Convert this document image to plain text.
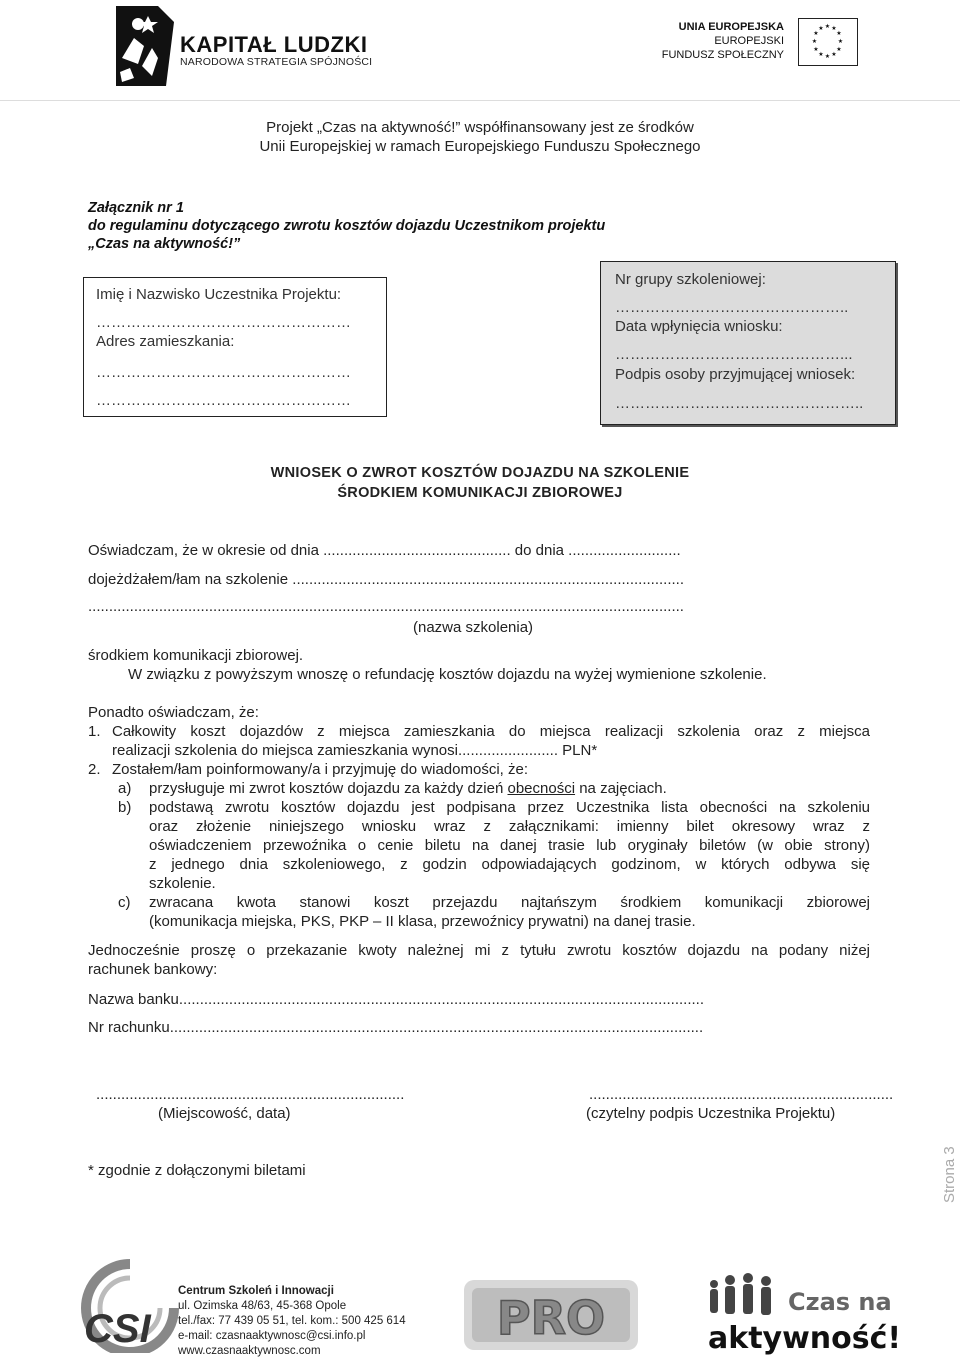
KAPITAŁ LUDZKI
NARODOWA STRATEGIA SPÓJNOŚCI
UNIA EUROPEJSKA
EUROPEJSKI
FUNDUSZ SPOŁECZNY
★ ★
★
★
★
★
★
★
★
★
★
★
Projekt „Czas na aktywność!” współfinansowany jest ze środków
Unii Europejskiej w ramach Europejskiego Funduszu Społecznego
Załącznik nr 1
do regulaminu dotyczącego zwrotu kosztów dojazdu Uczestnikom projektu
„Czas na aktywność!”
Imię i Nazwisko Uczestnika Projektu:
……………………………………………
Adres zamieszkania:
……………………………………………
……………………………………………
Nr grupy szkoleniowej:
………………………………………..
Data wpłynięcia wniosku:
………………………………………...
Podpis osoby przyjmującej wniosek:
…………………………………………..
WNIOSEK O ZWROT KOSZTÓW DOJAZDU NA SZKOLENIE
ŚRODKIEM KOMUNIKACJI ZBIOROWEJ
Oświadczam, że w okresie od dnia ............................................. do dnia ...........................
dojeżdżałem/łam na szkolenie ..............................................................................................
...............................................................................................................................................
(nazwa szkolenia)
środkiem komunikacji zbiorowej.
W związku z powyższym wnoszę o refundację kosztów dojazdu na wyżej wymienione szkolenie.
Ponadto oświadczam, że:
1. Całkowity koszt dojazdów z miejsca zamieszkania do miejsca realizacji szkolenia oraz z miejsca
realizacji szkolenia do miejsca zamieszkania wynosi........................ PLN*
2. Zostałem/łam poinformowany/a i przyjmuję do wiadomości, że:
a) przysługuje mi zwrot kosztów dojazdu za każdy dzień obecności na zajęciach.
b) podstawą zwrotu kosztów dojazdu jest podpisana przez Uczestnika lista obecności na szkoleniu
oraz złożenie niniejszego wniosku wraz z załącznikami: imienny bilet okresowy wraz z
oświadczeniem przewoźnika o cenie biletu na danej trasie lub oryginały biletów (w obie strony)
z jednego dnia szkoleniowego, z godzin odpowiadających godzinom, w których odbywa się
szkolenie.
c) zwracana kwota stanowi koszt przejazdu najtańszym środkiem komunikacji zbiorowej
(komunikacja miejska, PKS, PKP – II klasa, przewoźnicy prywatni) na danej trasie.
Jednocześnie proszę o przekazanie kwoty należnej mi z tytułu zwrotu kosztów dojazdu na podany niżej
rachunek bankowy:
Nazwa banku..............................................................................................................................
Nr rachunku................................................................................................................................
..........................................................................
(Miejscowość, data)
.........................................................................
(czytelny podpis Uczestnika Projektu)
* zgodnie z dołączonymi biletami	Strona 3
CSI
Centrum Szkoleń i Innowacji
ul. Ozimska 48/63, 45-368 Opole
tel./fax: 77 439 05 51, tel. kom.: 500 425 614
e-mail: czasnaaktywnosc@csi.info.pl
www.czasnaaktywnosc.com
PRO	Czas na
aktywność!
